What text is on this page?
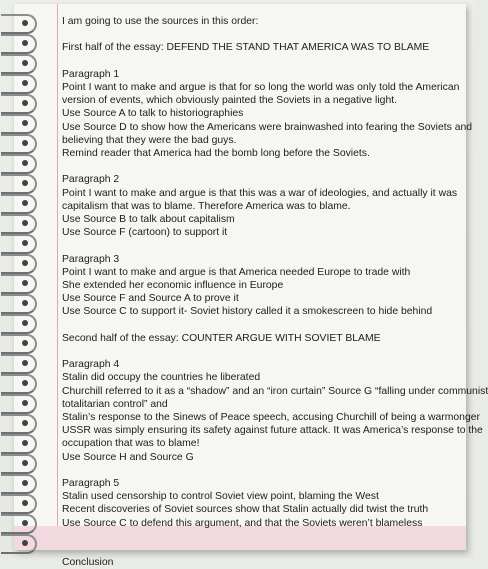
I am going to use the sources in this order:
First half of the essay: DEFEND THE STAND THAT AMERICA WAS TO BLAME
Paragraph 1
Point I want to make and argue is that for so long the world was only told the American
version of events, which obviously painted the Soviets in a negative light.
Use Source A to talk to historiographies
Use Source D to show how the Americans were brainwashed into fearing the Soviets and
believing that they were the bad guys.
Remind reader that America had the bomb long before the Soviets.
Paragraph 2
Point I want to make and argue is that this was a war of ideologies, and actually it was
capitalism that was to blame. Therefore America was to blame.
Use Source B to talk about capitalism
Use Source F (cartoon) to support it
Paragraph 3
Point I want to make and argue is that America needed Europe to trade with
She extended her economic influence in Europe
Use Source F and Source A to prove it
Use Source C to support it- Soviet history called it a smokescreen to hide behind
Second half of the essay: COUNTER ARGUE WITH SOVIET BLAME
Paragraph 4
Stalin did occupy the countries he liberated
Churchill referred to it as a “shadow” and an “iron curtain” Source G “falling under communist
totalitarian control” and
Stalin’s response to the Sinews of Peace speech, accusing Churchill of being a warmonger
USSR was simply ensuring its safety against future attack. It was America’s response to the
occupation that was to blame!
Use Source H and Source G
Paragraph 5
Stalin used censorship to control Soviet view point, blaming the West
Recent discoveries of Soviet sources show that Stalin actually did twist the truth
Use Source C to defend this argument, and that the Soviets weren’t blameless
Conclusion
